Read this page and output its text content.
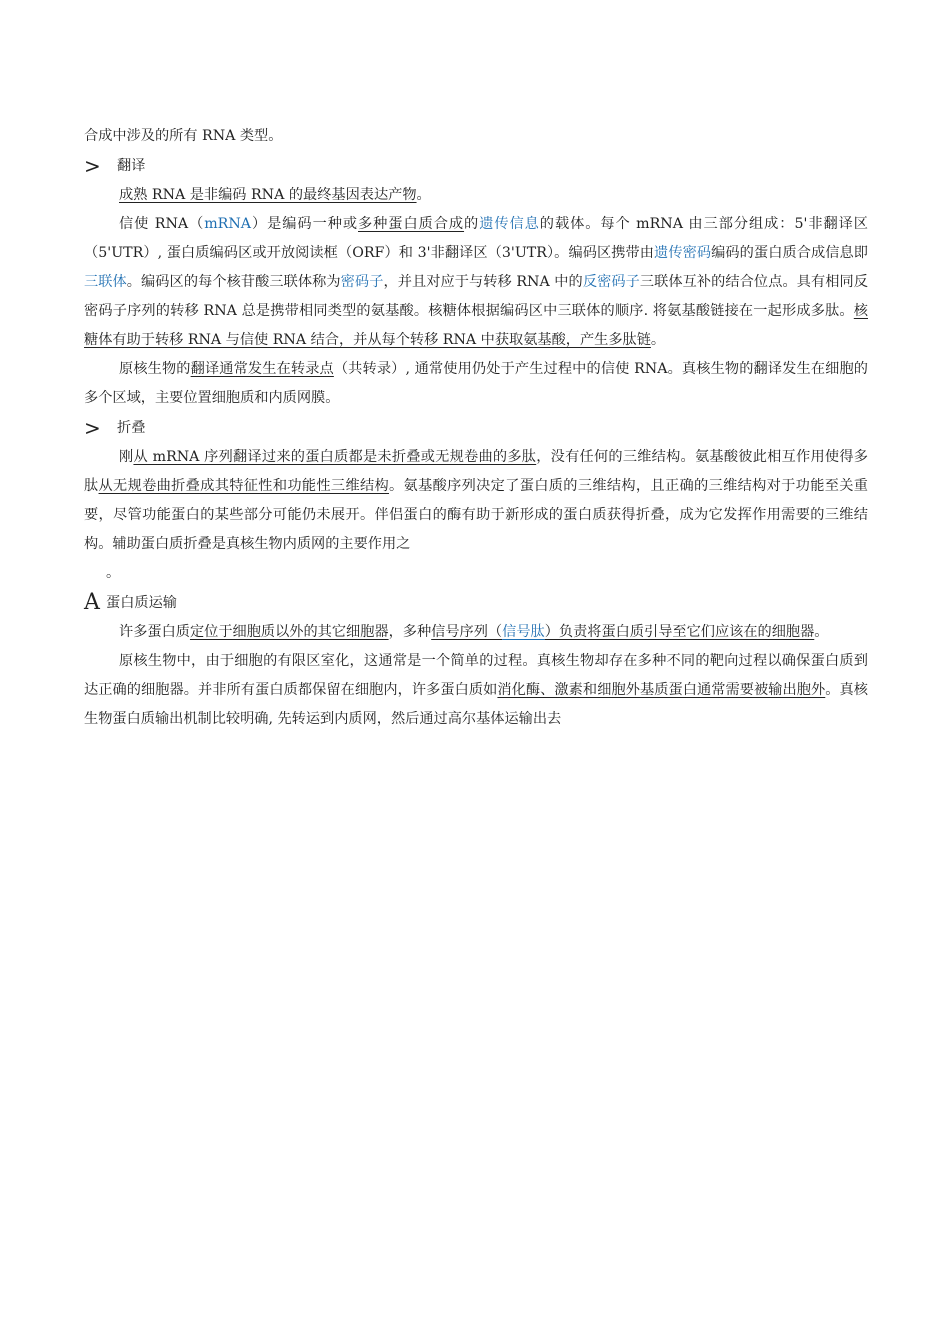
合成中涉及的所有 RNA 类型。

>	翻译

成熟 RNA 是非编码 RNA 的最终基因表达产物。

信使 RNA（mRNA）是编码一种或多种蛋白质合成的遗传信息的载体。每个 mRNA 由三部分组成：5'非翻译区（5'UTR）, 蛋白质编码区或开放阅读框（ORF）和 3'非翻译区（3'UTR）。编码区携带由遗传密码编码的蛋白质合成信息即三联体。编码区的每个核苷酸三联体称为密码子，并且对应于与转移 RNA 中的反密码子三联体互补的结合位点。具有相同反密码子序列的转移 RNA 总是携带相同类型的氨基酸。核糖体根据编码区中三联体的顺序. 将氨基酸链接在一起形成多肽。核糖体有助于转移 RNA 与信使 RNA 结合，并从每个转移 RNA 中获取氨基酸，产生多肽链。

原核生物的翻译通常发生在转录点（共转录）, 通常使用仍处于产生过程中的信使 RNA。真核生物的翻译发生在细胞的多个区域，主要位置细胞质和内质网膜。

>	折叠

刚从 mRNA 序列翻译过来的蛋白质都是未折叠或无规卷曲的多肽，没有任何的三维结构。氨基酸彼此相互作用使得多肽从无规卷曲折叠成其特征性和功能性三维结构。氨基酸序列决定了蛋白质的三维结构，且正确的三维结构对于功能至关重要，尽管功能蛋白的某些部分可能仍未展开。伴侣蛋白的酶有助于新形成的蛋白质获得折叠，成为它发挥作用需要的三维结构。辅助蛋白质折叠是真核生物内质网的主要作用之

。

A 蛋白质运输

许多蛋白质定位于细胞质以外的其它细胞器，多种信号序列（信号肽）负责将蛋白质引导至它们应该在的细胞器。

原核生物中，由于细胞的有限区室化，这通常是一个简单的过程。真核生物却存在多种不同的靶向过程以确保蛋白质到达正确的细胞器。并非所有蛋白质都保留在细胞内，许多蛋白质如消化酶、激素和细胞外基质蛋白通常需要被输出胞外。真核生物蛋白质输出机制比较明确, 先转运到内质网，然后通过高尔基体运输出去
